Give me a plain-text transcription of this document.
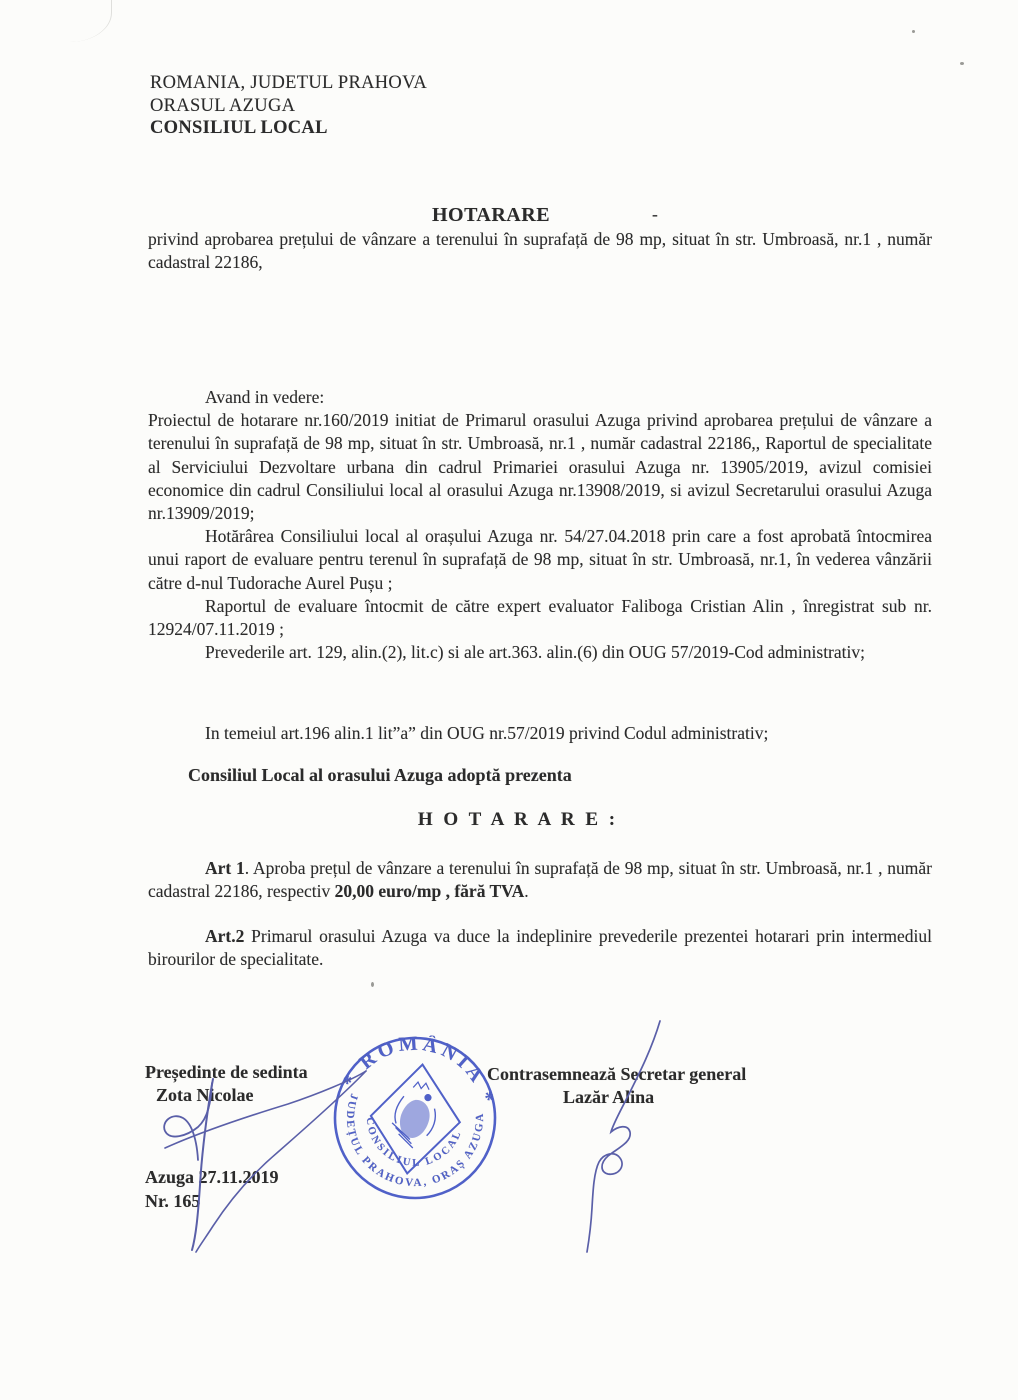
ROMANIA, JUDETUL PRAHOVA
ORASUL AZUGA
CONSILIUL LOCAL
HOTARARE	-
privind aprobarea prețului de vânzare a terenului în suprafață de 98 mp, situat în str. Umbroasă, nr.1 , număr cadastral 22186,
Avand in vedere:
Proiectul de hotarare nr.160/2019 initiat de Primarul orasului Azuga privind aprobarea prețului de vânzare a terenului în suprafață de 98 mp, situat în str. Umbroasă, nr.1 , număr cadastral 22186,, Raportul de specialitate al Serviciului Dezvoltare urbana din cadrul Primariei orasului Azuga nr. 13905/2019, avizul comisiei economice din cadrul Consiliului local al orasului Azuga nr.13908/2019, si avizul Secretarului orasului Azuga nr.13909/2019;
Hotărârea Consiliului local al orașului Azuga nr. 54/27.04.2018 prin care a fost aprobată întocmirea unui raport de evaluare pentru terenul în suprafață de 98 mp, situat în str. Umbroasă, nr.1, în vederea vânzării către d-nul Tudorache Aurel Pușu ;
Raportul de evaluare întocmit de către expert evaluator Faliboga Cristian Alin , înregistrat sub nr. 12924/07.11.2019 ;
Prevederile art. 129, alin.(2), lit.c) si ale art.363. alin.(6) din OUG 57/2019-Cod administrativ;
In temeiul art.196 alin.1 lit”a” din OUG nr.57/2019 privind Codul administrativ;
Consiliul Local al orasului Azuga adoptă prezenta
H O T A R A R E :
Art 1. Aproba prețul de vânzare a terenului în suprafață de 98 mp, situat în str. Umbroasă, nr.1 , număr cadastral 22186, respectiv 20,00 euro/mp , fără TVA.
Art.2 Primarul orasului Azuga va duce la indeplinire prevederile prezentei hotarari prin intermediul birourilor de specialitate.
Președinte de sedinta
Zota Nicolae
Contrasemnează Secretar general
Lazăr Alina
Azuga 27.11.2019
Nr. 165
* ROMÂNIA *
JUDEȚUL PRAHOVA, ORAȘ AZUGA
CONSILIUL LOCAL
